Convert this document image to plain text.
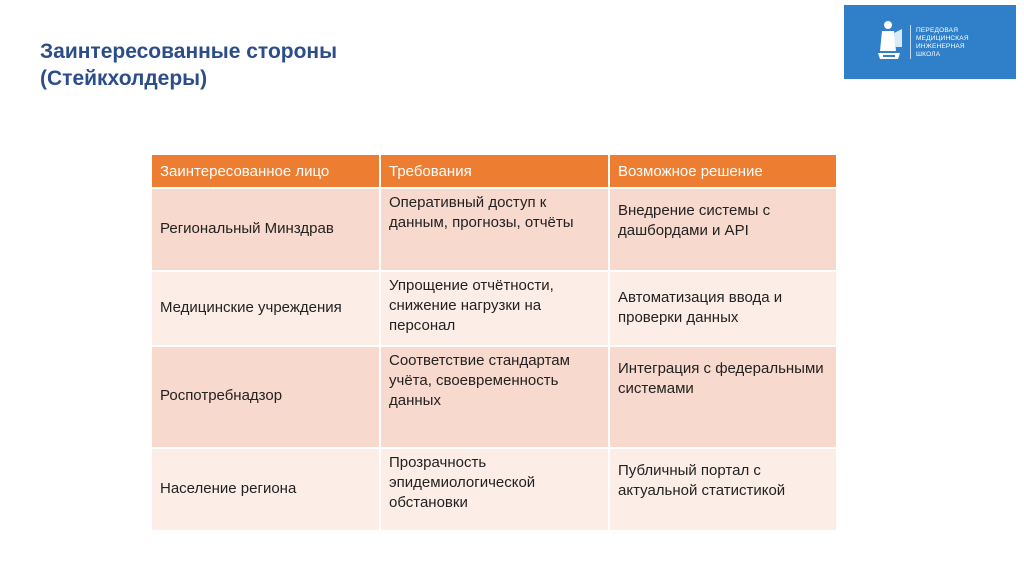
Заинтересованные стороны
(Стейкхолдеры)
ПЕРЕДОВАЯ
МЕДИЦИНСКАЯ
ИНЖЕНЕРНАЯ
ШКОЛА
Заинтересованное лицо	Требования	Возможное решение
Региональный Минздрав	Оперативный доступ к данным, прогнозы, отчёты	Внедрение системы с дашбордами и API
Медицинские учреждения	Упрощение отчётности, снижение нагрузки на персонал	Автоматизация ввода и проверки данных
Роспотребнадзор	Соответствие стандартам учёта, своевременность данных	Интеграция с федеральными системами
Население региона	Прозрачность эпидемиологической обстановки	Публичный портал с актуальной статистикой
